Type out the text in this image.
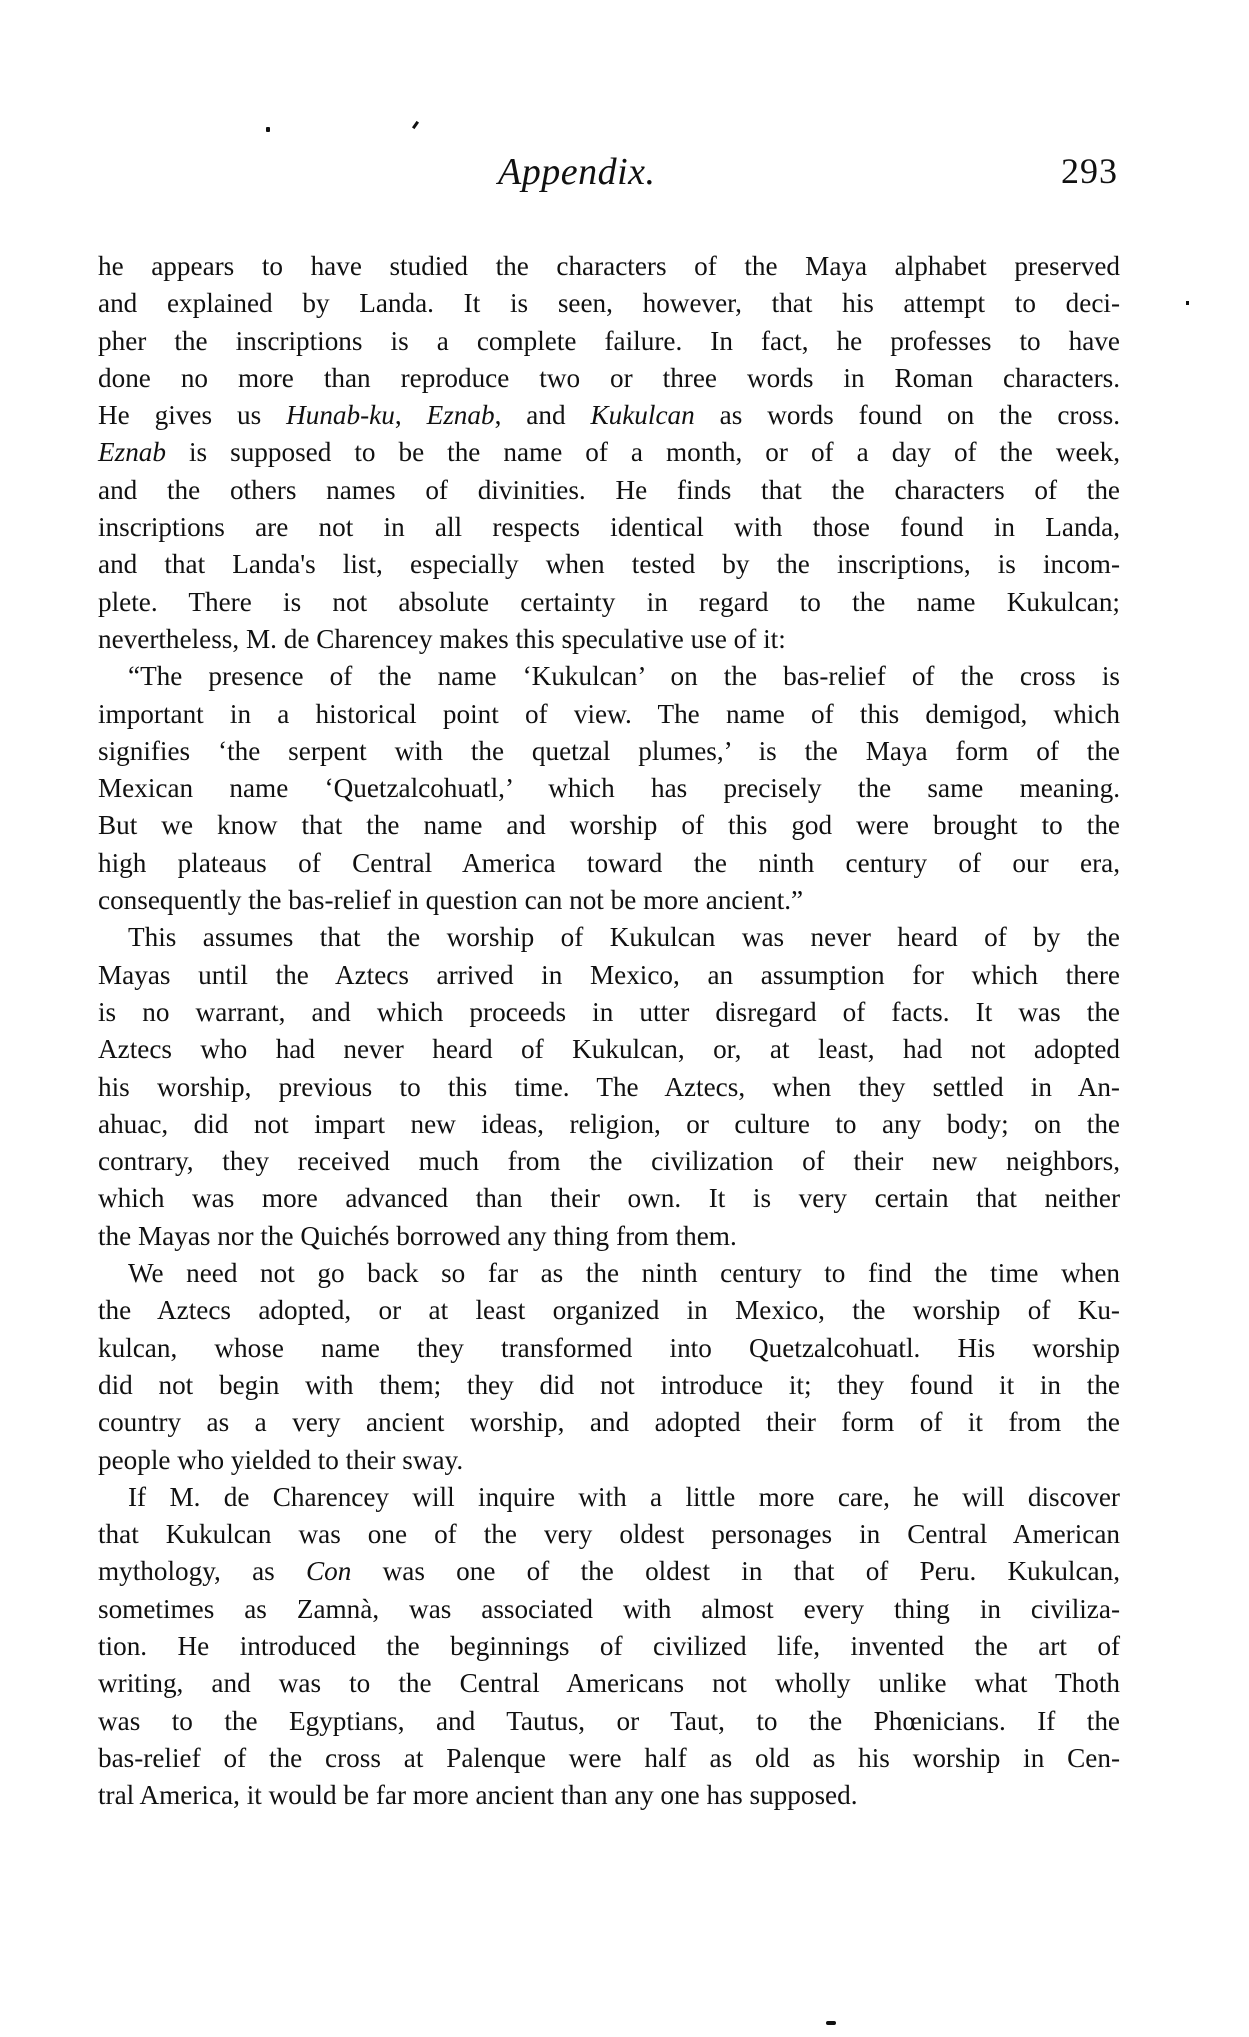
Appendix.	293
he appears to have studied the characters of the Maya alphabet preserved
and explained by Landa. It is seen, however, that his attempt to deci-
pher the inscriptions is a complete failure. In fact, he professes to have
done no more than reproduce two or three words in Roman characters.
He gives us Hunab-ku, Eznab, and Kukulcan as words found on the cross.
Eznab is supposed to be the name of a month, or of a day of the week,
and the others names of divinities. He finds that the characters of the
inscriptions are not in all respects identical with those found in Landa,
and that Landa's list, especially when tested by the inscriptions, is incom-
plete. There is not absolute certainty in regard to the name Kukulcan;
nevertheless, M. de Charencey makes this speculative use of it:
“The presence of the name ‘Kukulcan’ on the bas-relief of the cross is
important in a historical point of view. The name of this demigod, which
signifies ‘the serpent with the quetzal plumes,’ is the Maya form of the
Mexican name ‘Quetzalcohuatl,’ which has precisely the same meaning.
But we know that the name and worship of this god were brought to the
high plateaus of Central America toward the ninth century of our era,
consequently the bas-relief in question can not be more ancient.”
This assumes that the worship of Kukulcan was never heard of by the
Mayas until the Aztecs arrived in Mexico, an assumption for which there
is no warrant, and which proceeds in utter disregard of facts. It was the
Aztecs who had never heard of Kukulcan, or, at least, had not adopted
his worship, previous to this time. The Aztecs, when they settled in An-
ahuac, did not impart new ideas, religion, or culture to any body; on the
contrary, they received much from the civilization of their new neighbors,
which was more advanced than their own. It is very certain that neither
the Mayas nor the Quichés borrowed any thing from them.
We need not go back so far as the ninth century to find the time when
the Aztecs adopted, or at least organized in Mexico, the worship of Ku-
kulcan, whose name they transformed into Quetzalcohuatl. His worship
did not begin with them; they did not introduce it; they found it in the
country as a very ancient worship, and adopted their form of it from the
people who yielded to their sway.
If M. de Charencey will inquire with a little more care, he will discover
that Kukulcan was one of the very oldest personages in Central American
mythology, as Con was one of the oldest in that of Peru. Kukulcan,
sometimes as Zamnà, was associated with almost every thing in civiliza-
tion. He introduced the beginnings of civilized life, invented the art of
writing, and was to the Central Americans not wholly unlike what Thoth
was to the Egyptians, and Tautus, or Taut, to the Phœnicians. If the
bas-relief of the cross at Palenque were half as old as his worship in Cen-
tral America, it would be far more ancient than any one has supposed.
